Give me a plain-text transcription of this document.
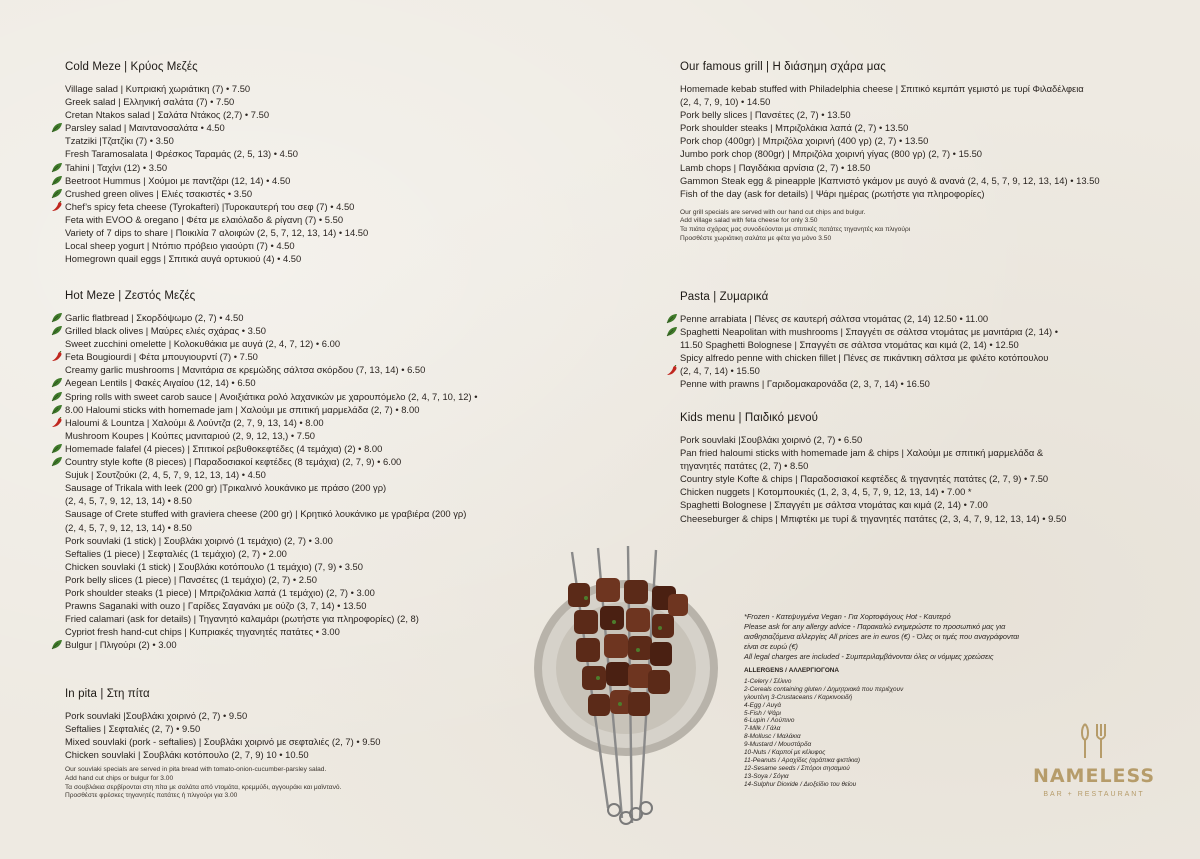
Cold Meze | Κρύος Μεζές
Village salad | Κυπριακή χωριάτικη (7) • 7.50
Greek salad | Ελληνική σαλάτα (7) • 7.50
Cretan Ntakos salad | Σαλάτα Ντάκος (2,7) • 7.50
Parsley salad | Μαιντανοσαλάτα • 4.50
Tzatziki |Τζατζίκι (7) • 3.50
Fresh Taramosalata | Φρέσκος Ταραμάς (2, 5, 13) • 4.50
Tahini | Ταχίνι (12) • 3.50
Beetroot Hummus | Χούμοι με παντζάρι (12, 14) • 4.50
Crushed green olives | Ελιές τσακιστές • 3.50
Chef’s spicy feta cheese (Tyrokafteri) |Τυροκαυτερή του σεφ (7) • 4.50
Feta with EVOO & oregano | Φέτα με ελαιόλαδο & ρίγανη (7) • 5.50
Variety of 7 dips to share | Ποικιλία 7 αλοιφών (2, 5, 7, 12, 13, 14) • 14.50
Local sheep yogurt | Ντόπιο πρόβειο γιαούρτι (7) • 4.50
Homegrown quail eggs | Σπιτικά αυγά ορτυκιού (4) • 4.50
Hot Meze | Ζεστός Μεζές
Garlic flatbread | Σκορδόψωμο (2, 7) • 4.50
Grilled black olives | Μαύρες ελιές σχάρας • 3.50
Sweet zucchini omelette | Κολοκυθάκια με αυγά (2, 4, 7, 12) • 6.00
Feta Bougiourdi | Φέτα μπουγιουρντί (7) • 7.50
Creamy garlic mushrooms | Μανιτάρια σε κρεμώδης σάλτσα σκόρδου (7, 13, 14) • 6.50
Aegean Lentils | Φακές Αιγαίου (12, 14) • 6.50
Spring rolls with sweet carob sauce | Ανοιξιάτικα ρολό λαχανικών με χαρουπόμελο (2, 4, 7, 10, 12) •
8.00 Haloumi sticks with homemade jam | Χαλούμι με σπιτική μαρμελάδα (2, 7) • 8.00
Haloumi & Lountza | Χαλούμι & Λούντζα (2, 7, 9, 13, 14) • 8.00
Mushroom Koupes | Κούπες μανιταριού (2, 9, 12, 13,) • 7.50
Homemade falafel (4 pieces) | Σπιτικοί ρεβυθοκεφτέδες (4 τεμάχια) (2) • 8.00
Country style kofte (8 pieces) | Παραδοσιακοί κεφτέδες (8 τεμάχια) (2, 7, 9) • 6.00
Sujuk | Σουτζούκι (2, 4, 5, 7, 9, 12, 13, 14) • 4.50
Sausage of Trikala with leek (200 gr) |Τρικαλινό λουκάνικο με πράσο (200 γρ)
(2, 4, 5, 7, 9, 12, 13, 14) • 8.50
Sausage of Crete stuffed with graviera cheese (200 gr) | Κρητικό λουκάνικο με γραβιέρα (200 γρ)
(2, 4, 5, 7, 9, 12, 13, 14) • 8.50
Pork souvlaki (1 stick) | Σουβλάκι χοιρινό (1 τεμάχιο) (2, 7) • 3.00
Seftalies (1 piece) | Σεφταλιές (1 τεμάχιο) (2, 7) • 2.00
Chicken souvlaki (1 stick) | Σουβλάκι κοτόπουλο (1 τεμάχιο) (7, 9) • 3.50
Pork belly slices (1 piece) | Πανσέτες (1 τεμάχιο) (2, 7) • 2.50
Pork shoulder steaks (1 piece) | Μπριζολάκια λαπά (1 τεμάχιο) (2, 7) • 3.00
Prawns Saganaki with ouzo | Γαρίδες Σαγανάκι με ούζο (3, 7, 14) • 13.50
Fried calamari (ask for details) | Τηγανητό καλαμάρι (ρωτήστε για πληροφορίες) (2, 8)
Cypriot fresh hand-cut chips | Κυπριακές τηγανητές πατάτες • 3.00
Bulgur | Πλιγούρι (2) • 3.00
In pita | Στη πίτα
Pork souvlaki |Σουβλάκι χοιρινό (2, 7) • 9.50
Seftalies | Σεφταλιές (2, 7) • 9.50
Mixed souvlaki (pork - seftalies) | Σουβλάκι χοιρινό με σεφταλιές (2, 7) • 9.50
Chicken souvlaki | Σουβλάκι κοτόπουλο (2, 7, 9) 10 • 10.50
Our souvlaki specials are served in pita bread with tomato-onion-cucumber-parsley salad.
Add hand cut chips or bulgur for 3.00
Τα σουβλάκια σερβίρονται στη πίτα με σαλάτα από ντομάτα, κρεμμύδι, αγγουράκι και μαϊντανό.
Προσθέστε φρέσκες τηγανητές πατάτες ή πλιγούρι για 3.00
Our famous grill | Η διάσημη σχάρα μας
Homemade kebab stuffed with Philadelphia cheese | Σπιτικό κεμπάπ γεμιστό με τυρί Φιλαδέλφεια
(2, 4, 7, 9, 10) • 14.50
Pork belly slices | Πανσέτες (2, 7) • 13.50
Pork shoulder steaks | Μπριζολάκια λαπά (2, 7) • 13.50
Pork chop (400gr) | Μπριζόλα χοιρινή (400 γρ) (2, 7) • 13.50
Jumbo pork chop (800gr) | Μπριζόλα χοιρινή γίγας (800 γρ) (2, 7) • 15.50
Lamb chops | Παγιδάκια αρνίσια (2, 7) • 18.50
Gammon Steak egg & pineapple |Καπνιστό γκάμον με αυγό & ανανά (2, 4, 5, 7, 9, 12, 13, 14) • 13.50
Fish of the day (ask for details) | Ψάρι ημέρας (ρωτήστε για πληροφορίες)
Our grill specials are served with our hand cut chips and bulgur.
Add village salad with feta cheese for only 3.50
Τα πιάτα σχάρας μας συνοδεύονται με σπιτικές πατάτες τηγανητές και πλιγούρι
Προσθέστε χωριάτικη σαλάτα με φέτα για μόνο 3.50
Pasta | Ζυμαρικά
Penne arrabiata | Πένες σε καυτερή σάλτσα ντομάτας (2, 14) 12.50 • 11.00
Spaghetti Neapolitan with mushrooms | Σπαγγέτι σε σάλτσα ντομάτας με μανιτάρια (2, 14) •
11.50 Spaghetti Bolognese | Σπαγγέτι σε σάλτσα ντομάτας και κιμά (2, 14) • 12.50
Spicy alfredo penne with chicken fillet | Πένες σε πικάντικη σάλτσα με φιλέτο κοτόπουλου
(2, 4, 7, 14) • 15.50
Penne with prawns | Γαριδομακαρονάδα (2, 3, 7, 14) • 16.50
Kids menu | Παιδικό μενού
Pork souvlaki |Σουβλάκι χοιρινό (2, 7) • 6.50
Pan fried haloumi sticks with homemade jam & chips | Χαλούμι με σπιτική μαρμελάδα &
τηγανητές πατάτες (2, 7) • 8.50
Country style Kofte & chips | Παραδοσιακοί κεφτέδες & τηγανητές πατάτες (2, 7, 9) • 7.50
Chicken nuggets | Κοτομπουκιές (1, 2, 3, 4, 5, 7, 9, 12, 13, 14) • 7.00 *
Spaghetti Bolognese | Σπαγγέτι με σάλτσα ντομάτας και κιμά (2, 14) • 7.00
Cheeseburger & chips | Μπιφτέκι με τυρί & τηγανητές πατάτες (2, 3, 4, 7, 9, 12, 13, 14) • 9.50
*Frozen - Κατεψυγμένα Vegan - Για Χορτοφάγους Hot - Καυτερό
Please ask for any allergy advice - Παρακαλώ ενημερώστε το προσωπικό μας για αισθησιαζόμενα αλλεργίες All prices are in euros (€) - Όλες οι τιμές που αναγράφονται είναι σε ευρώ (€)
All legal charges are included - Συμπεριλαμβάνονται όλες οι νόμιμες χρεώσεις
ALLERGENS / ΑΛΛΕΡΓΙΟΓΟΝΑ
1-Celery / Σέλινο
2-Cereals containing gluten / Δημητριακά που περιέχουν
γλουτένη 3-Crustaceans / Καρκινοειδή
4-Egg / Αυγά
5-Fish / Ψάρι
6-Lupin / Λούπινο
7-Milk / Γάλα
8-Mollusc / Μαλάκια
9-Mustard / Μουστάρδα
10-Nuts / Καρποί με κέλυφος
11-Peanuts / Αραχίδες (αράπικα φιστίκια)
12-Sesame seeds / Σπόροι σησαμιού
13-Soya / Σόγια
14-Sulphur Dioxide / Διοξείδιο του θείου	NAMELESS
BAR + RESTAURANT
